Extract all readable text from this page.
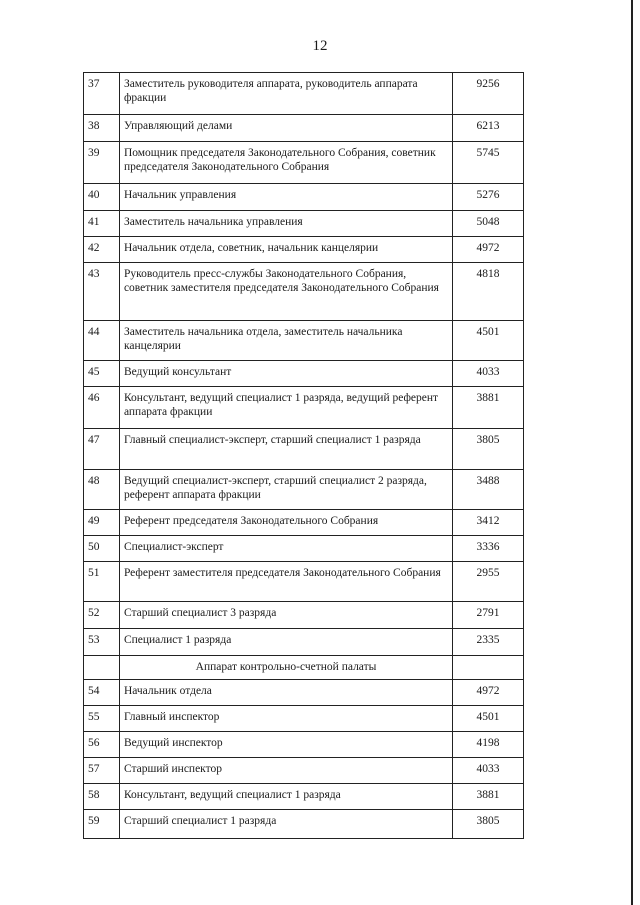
12
37	Заместитель руководителя аппарата, руководитель аппарата фракции	9256
38	Управляющий делами	6213
39	Помощник председателя Законодательного Собрания, советник председателя Законодательного Собрания	5745
40	Начальник управления	5276
41	Заместитель начальника управления	5048
42	Начальник отдела, советник, начальник канцелярии	4972
43	Руководитель пресс-службы Законодательного Собрания, советник заместителя председателя Законодательного Собрания	4818
44	Заместитель начальника отдела, заместитель начальника канцелярии	4501
45	Ведущий консультант	4033
46	Консультант, ведущий специалист 1 разряда, ведущий референт аппарата фракции	3881
47	Главный специалист-эксперт, старший специалист 1 разряда	3805
48	Ведущий специалист-эксперт, старший специалист 2 разряда, референт аппарата фракции	3488
49	Референт председателя Законодательного Собрания	3412
50	Специалист-эксперт	3336
51	Референт заместителя председателя Законодательного Собрания	2955
52	Старший специалист 3 разряда	2791
53	Специалист 1 разряда	2335
	Аппарат контрольно-счетной палаты	
54	Начальник отдела	4972
55	Главный инспектор	4501
56	Ведущий инспектор	4198
57	Старший инспектор	4033
58	Консультант, ведущий специалист 1 разряда	3881
59	Старший специалист 1 разряда	3805
